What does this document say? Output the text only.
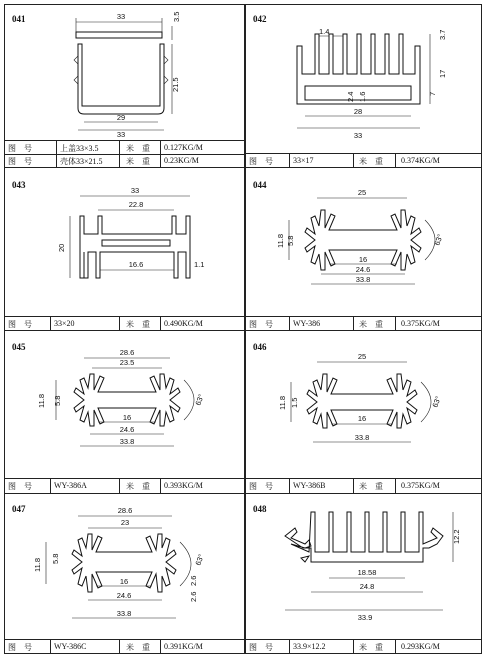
041	33	3.5
21.5
29
33
图　号	上盖33×3.5	米　重 0.127KG/M
图　号	壳体33×21.5	米　重 0.23KG/M
042
1.4
17
3.7
7
2.4 1.6
28
33
图　号	33×17	米　重 0.374KG/M
043
33
22.8
20
16.6	1.1
图　号	33×20	米　重 0.490KG/M
044
25
11.8 5.8	63°
16
24.6
33.8
图　号	WY-386	米　重 0.375KG/M
045
28.6
23.5
11.8 5.8	63°
16
24.6
33.8
图　号	WY-386A	米　重 0.393KG/M
046
25
11.8 1.5	63°
16
33.8
图　号	WY-386B	米　重 0.375KG/M
047	28.6
23
11.8 5.8	63°
16
24.6
33.8
2.6
2.6
图　号	WY-386C	米　重 0.391KG/M
048
12.2
18.58
24.8
33.9
图　号	33.9×12.2	米　重 0.293KG/M
